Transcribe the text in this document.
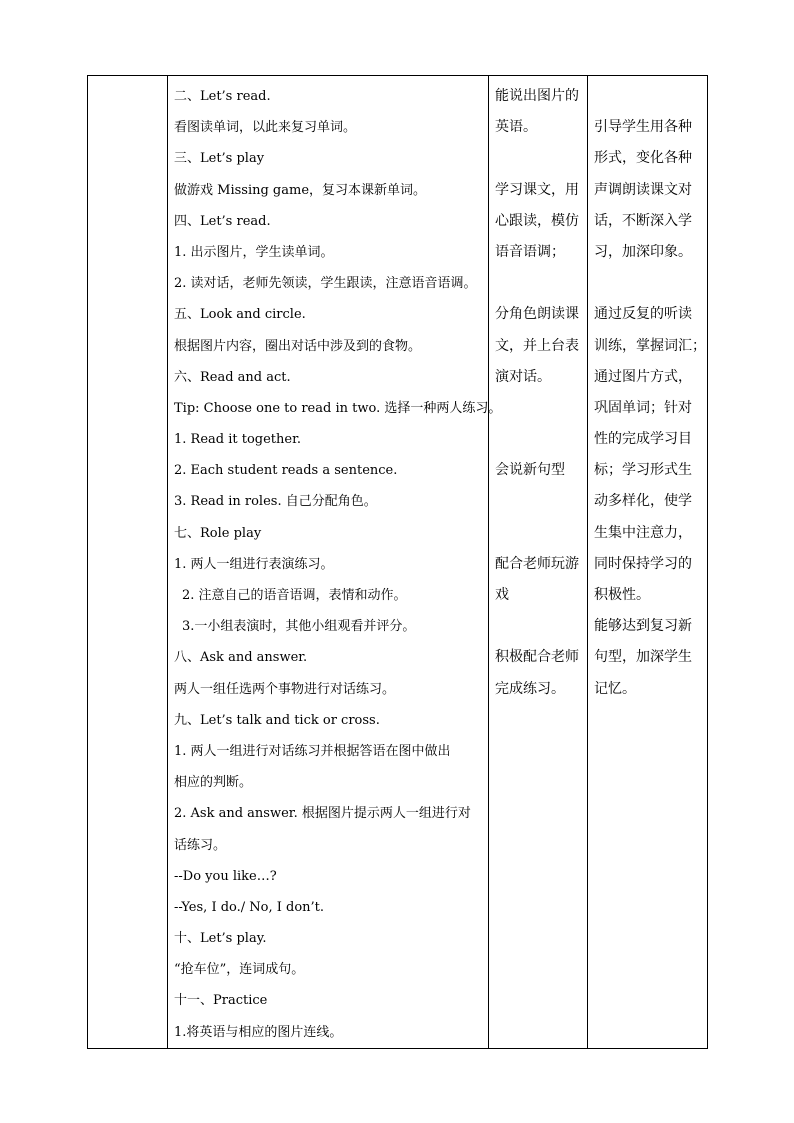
二、Let’s read.
看图读单词，以此来复习单词。
三、Let’s play
做游戏 Missing game，复习本课新单词。
四、Let’s read.
1. 出示图片，学生读单词。
2. 读对话，老师先领读，学生跟读，注意语音语调。
五、Look and circle.
根据图片内容，圈出对话中涉及到的食物。
六、Read and act.
Tip: Choose one to read in two. 选择一种两人练习。
1. Read it together.
2. Each student reads a sentence.
3. Read in roles. 自己分配角色。
七、Role play
1. 两人一组进行表演练习。
2. 注意自己的语音语调，表情和动作。
3.一小组表演时，其他小组观看并评分。
八、Ask and answer.
两人一组任选两个事物进行对话练习。
九、Let’s talk and tick or cross.
1. 两人一组进行对话练习并根据答语在图中做出
相应的判断。
2. Ask and answer. 根据图片提示两人一组进行对
话练习。
--Do you like…?
--Yes, I do./ No, I don’t.
十、Let’s play.
“抢车位”，连词成句。
十一、Practice
1.将英语与相应的图片连线。

能说出图片的
英语。
学习课文，用
心跟读，模仿
语音语调；
分角色朗读课
文，并上台表
演对话。
会说新句型
配合老师玩游
戏
积极配合老师
完成练习。

引导学生用各种
形式，变化各种
声调朗读课文对
话，不断深入学
习，加深印象。
通过反复的听读
训练，掌握词汇；
通过图片方式，
巩固单词；针对
性的完成学习目
标；学习形式生
动多样化，使学
生集中注意力，
同时保持学习的
积极性。
能够达到复习新
句型，加深学生
记忆。
